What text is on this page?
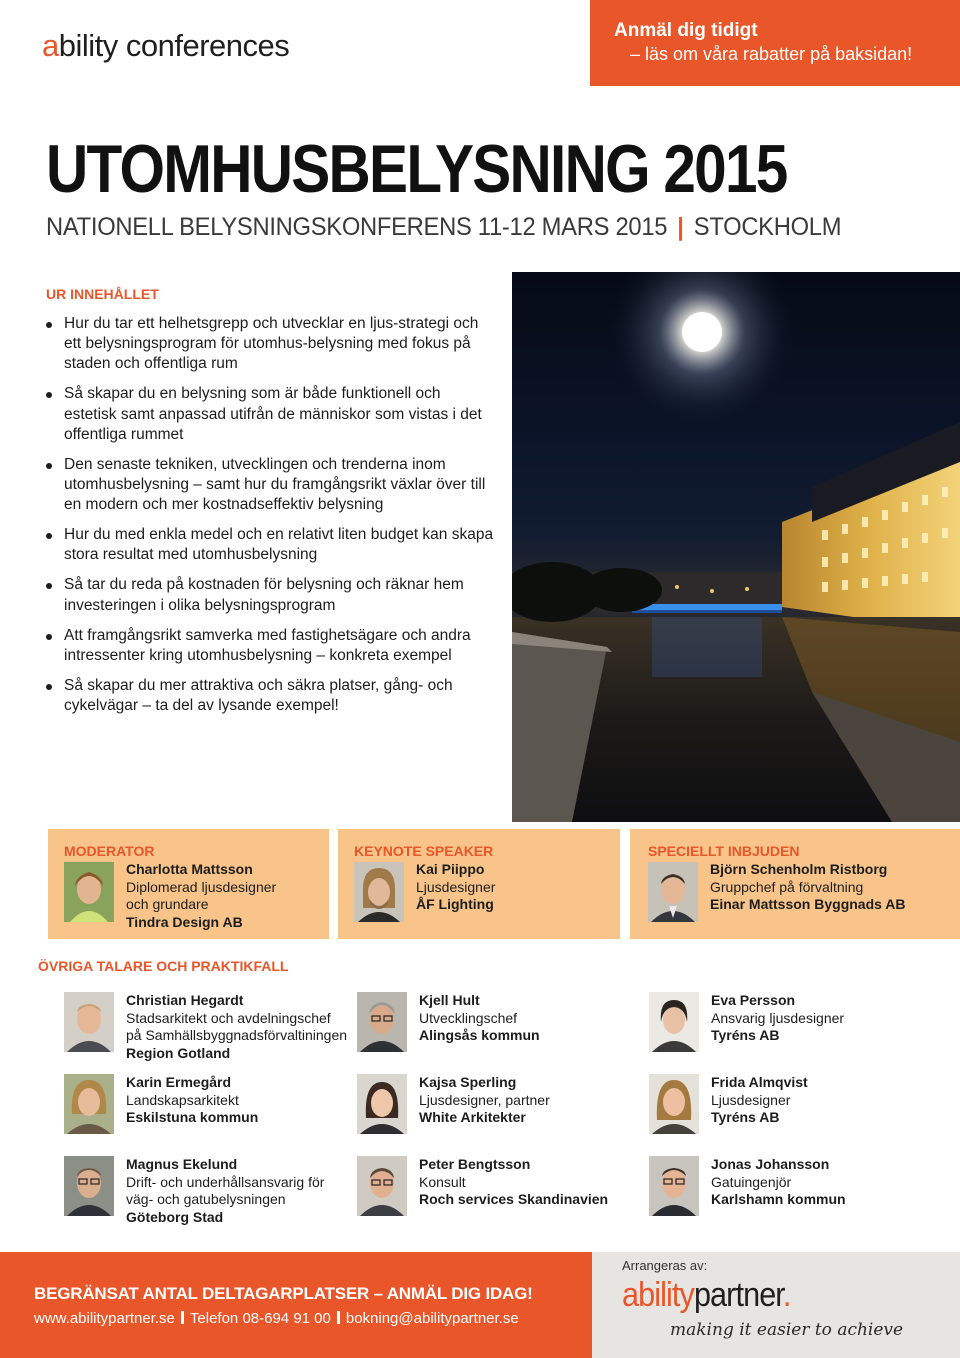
ability conferences	Anmäl dig tidigt
– läs om våra rabatter på baksidan!
UTOMHUSBELYSNING 2015
NATIONELL BELYSNINGSKONFERENS 11-12 MARS 2015 | STOCKHOLM
UR INNEHÅLLET
Hur du tar ett helhetsgrepp och utvecklar en ljus-strategi och ett belysningsprogram för utomhus-belysning med fokus på staden och offentliga rum
Så skapar du en belysning som är både funktionell och estetisk samt anpassad utifrån de människor som vistas i det offentliga rummet
Den senaste tekniken, utvecklingen och trenderna inom utomhusbelysning – samt hur du framgångsrikt växlar över till en modern och mer kostnadseffektiv belysning
Hur du med enkla medel och en relativt liten budget kan skapa stora resultat med utomhusbelysning
Så tar du reda på kostnaden för belysning och räknar hem investeringen i olika belysningsprogram
Att framgångsrikt samverka med fastighetsägare och andra intressenter kring utomhusbelysning – konkreta exempel
Så skapar du mer attraktiva och säkra platser, gång- och cykelvägar – ta del av lysande exempel!
MODERATOR
Charlotta Mattsson
Diplomerad ljusdesigner
och grundare
Tindra Design AB
KEYNOTE SPEAKER
Kai Piippo
Ljusdesigner
ÅF Lighting
SPECIELLT INBJUDEN
Björn Schenholm Ristborg
Gruppchef på förvaltning
Einar Mattsson Byggnads AB
ÖVRIGA TALARE OCH PRAKTIKFALL
Christian Hegardt
Stadsarkitekt och avdelningschef
på Samhällsbyggnadsförvaltiningen
Region Gotland
Kjell Hult
Utvecklingschef
Alingsås kommun
Eva Persson
Ansvarig ljusdesigner
Tyréns AB
Karin Ermegård
Landskapsarkitekt
Eskilstuna kommun
Kajsa Sperling
Ljusdesigner, partner
White Arkitekter
Frida Almqvist
Ljusdesigner
Tyréns AB
Magnus Ekelund
Drift- och underhållsansvarig för
väg- och gatubelysningen
Göteborg Stad
Peter Bengtsson
Konsult
Roch services Skandinavien
Jonas Johansson
Gatuingenjör
Karlshamn kommun
BEGRÄNSAT ANTAL DELTAGARPLATSER – ANMÄL DIG IDAG!
www.abilitypartner.se Telefon 08-694 91 00 bokning@abilitypartner.se
Arrangeras av:
abilitypartner.
making it easier to achieve
